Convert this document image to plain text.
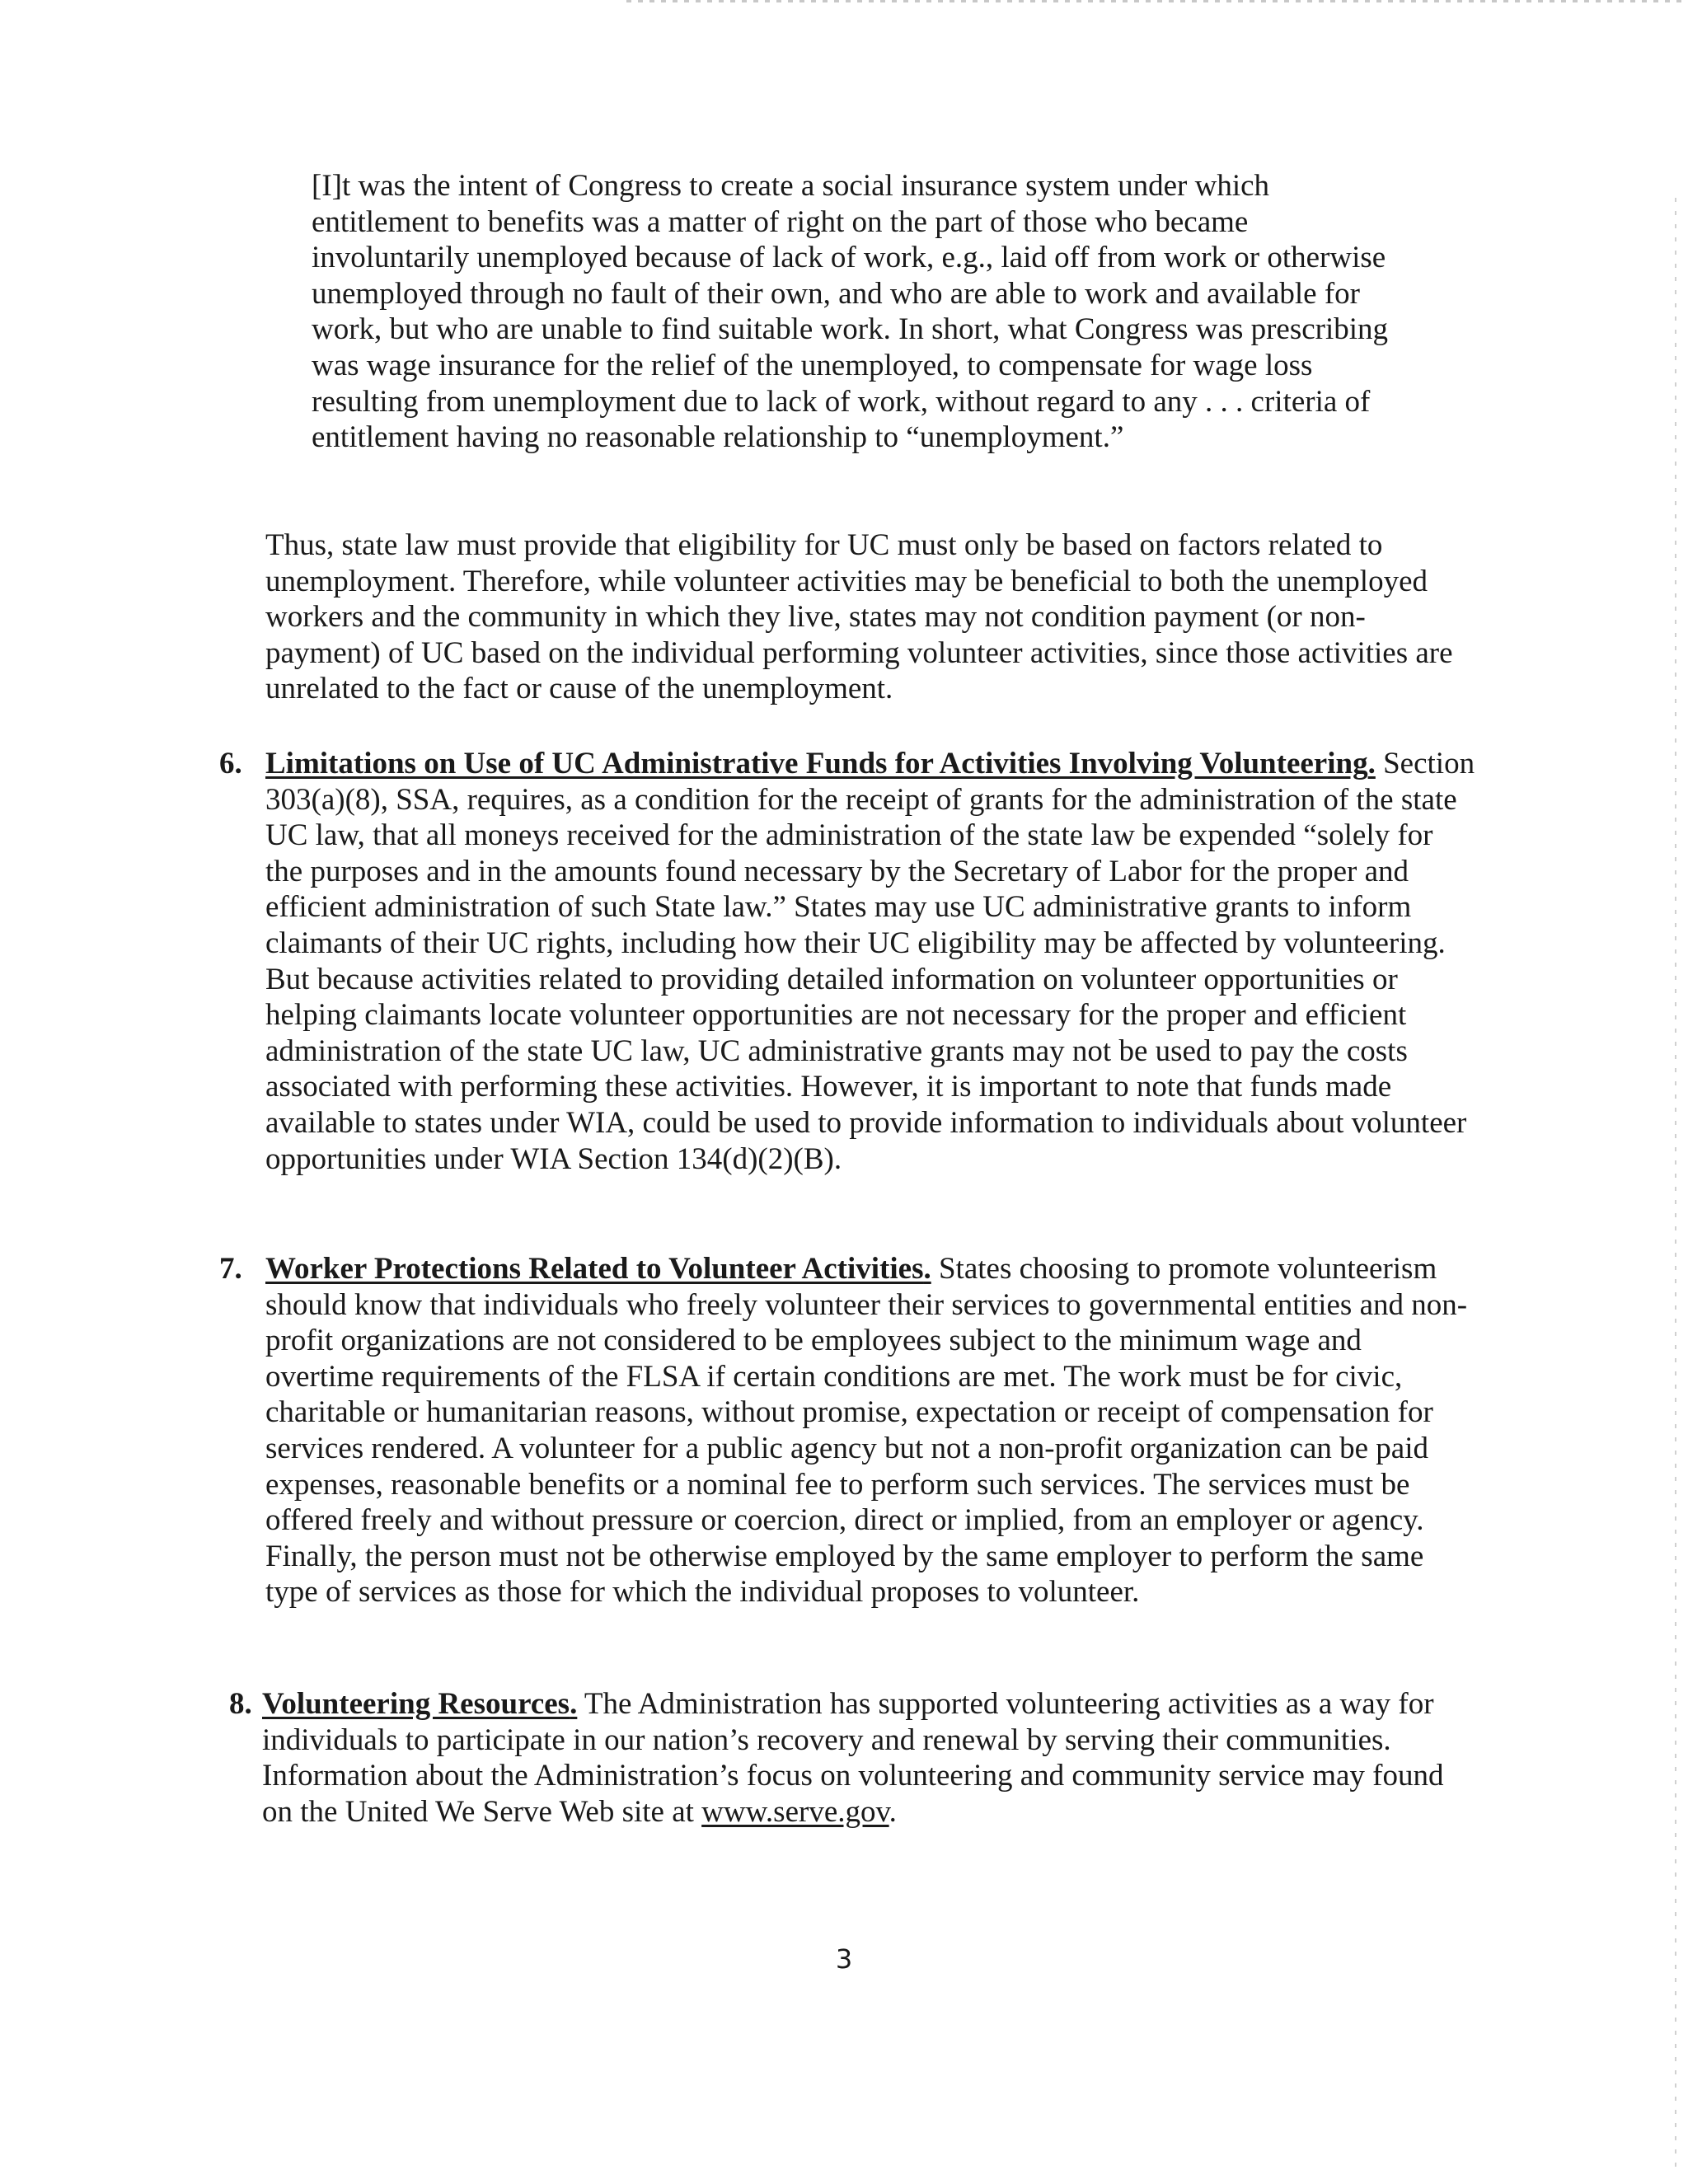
[I]t was the intent of Congress to create a social insurance system under which entitlement to benefits was a matter of right on the part of those who became involuntarily unemployed because of lack of work, e.g., laid off from work or otherwise unemployed through no fault of their own, and who are able to work and available for work, but who are unable to find suitable work. In short, what Congress was prescribing was wage insurance for the relief of the unemployed, to compensate for wage loss resulting from unemployment due to lack of work, without regard to any . . . criteria of entitlement having no reasonable relationship to “unemployment.”

Thus, state law must provide that eligibility for UC must only be based on factors related to unemployment. Therefore, while volunteer activities may be beneficial to both the unemployed workers and the community in which they live, states may not condition payment (or non-payment) of UC based on the individual performing volunteer activities, since those activities are unrelated to the fact or cause of the unemployment.

6. Limitations on Use of UC Administrative Funds for Activities Involving Volunteering. Section 303(a)(8), SSA, requires, as a condition for the receipt of grants for the administration of the state UC law, that all moneys received for the administration of the state law be expended “solely for the purposes and in the amounts found necessary by the Secretary of Labor for the proper and efficient administration of such State law.” States may use UC administrative grants to inform claimants of their UC rights, including how their UC eligibility may be affected by volunteering. But because activities related to providing detailed information on volunteer opportunities or helping claimants locate volunteer opportunities are not necessary for the proper and efficient administration of the state UC law, UC administrative grants may not be used to pay the costs associated with performing these activities. However, it is important to note that funds made available to states under WIA, could be used to provide information to individuals about volunteer opportunities under WIA Section 134(d)(2)(B).

7. Worker Protections Related to Volunteer Activities. States choosing to promote volunteerism should know that individuals who freely volunteer their services to governmental entities and non-profit organizations are not considered to be employees subject to the minimum wage and overtime requirements of the FLSA if certain conditions are met. The work must be for civic, charitable or humanitarian reasons, without promise, expectation or receipt of compensation for services rendered. A volunteer for a public agency but not a non-profit organization can be paid expenses, reasonable benefits or a nominal fee to perform such services. The services must be offered freely and without pressure or coercion, direct or implied, from an employer or agency. Finally, the person must not be otherwise employed by the same employer to perform the same type of services as those for which the individual proposes to volunteer.

8. Volunteering Resources. The Administration has supported volunteering activities as a way for individuals to participate in our nation’s recovery and renewal by serving their communities. Information about the Administration’s focus on volunteering and community service may found on the United We Serve Web site at www.serve.gov.

3
